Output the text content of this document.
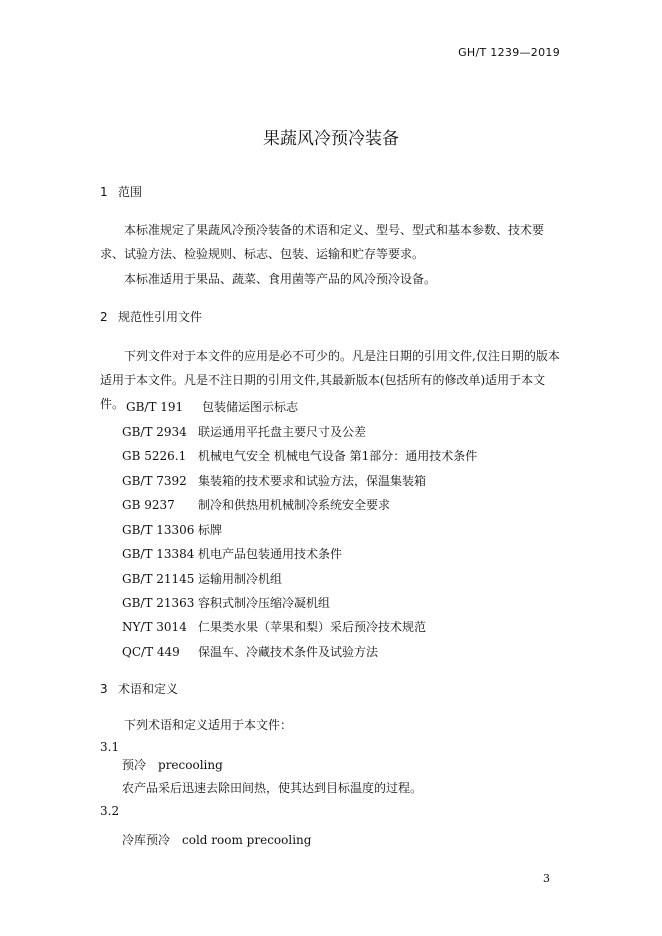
GH/T 1239—2019
果蔬风冷预冷装备
1 范围
本标准规定了果蔬风冷预冷装备的术语和定义、型号、型式和基本参数、技术要求、试验方法、检验规则、标志、包装、运输和贮存等要求。
本标准适用于果品、蔬菜、食用菌等产品的风冷预冷设备。
2 规范性引用文件
下列文件对于本文件的应用是必不可少的。凡是注日期的引用文件,仅注日期的版本适用于本文件。凡是不注日期的引用文件,其最新版本(包括所有的修改单)适用于本文件。 GB/T 191 包装储运图示标志
GB/T 2934 联运通用平托盘主要尺寸及公差
GB 5226.1 机械电气安全 机械电气设备 第1部分：通用技术条件
GB/T 7392 集装箱的技术要求和试验方法，保温集装箱
GB 9237 制冷和供热用机械制冷系统安全要求
GB/T 13306 标牌
GB/T 13384 机电产品包装通用技术条件
GB/T 21145 运输用制冷机组
GB/T 21363 容积式制冷压缩冷凝机组
NY/T 3014 仁果类水果（苹果和梨）采后预冷技术规范
QC/T 449 保温车、冷藏技术条件及试验方法
3 术语和定义
下列术语和定义适用于本文件：
3.1
预冷 precooling
农产品采后迅速去除田间热，使其达到目标温度的过程。
3.2
冷库预冷 cold room precooling
3
